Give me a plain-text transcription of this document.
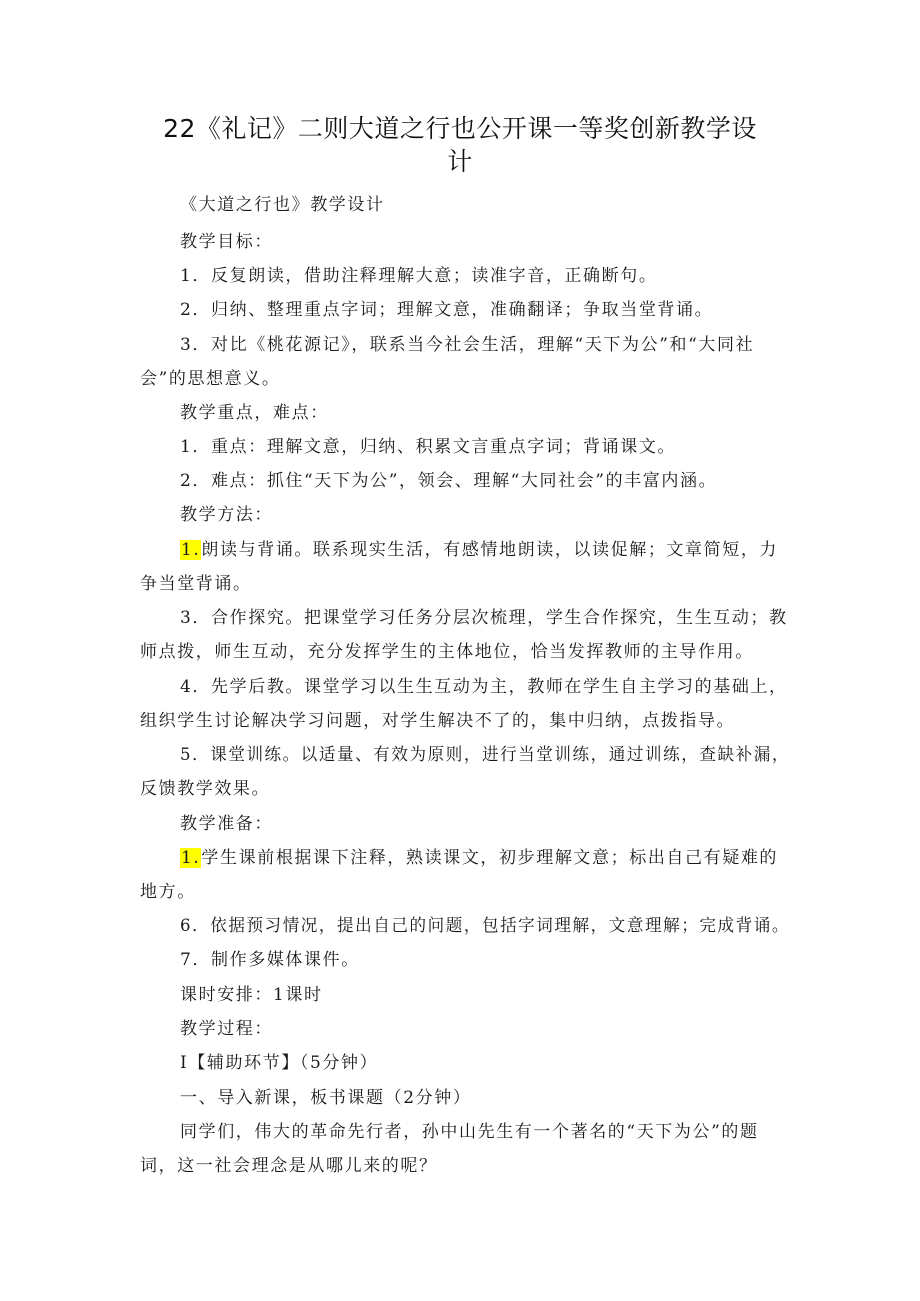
22《礼记》二则大道之行也公开课一等奖创新教学设
计
《大道之行也》教学设计
教学目标：
1．反复朗读，借助注释理解大意；读准字音，正确断句。
2．归纳、整理重点字词；理解文意，准确翻译；争取当堂背诵。
3．对比《桃花源记》，联系当今社会生活，理解“天下为公”和“大同社
会”的思想意义。
教学重点，难点：
1．重点：理解文意，归纳、积累文言重点字词；背诵课文。
2．难点：抓住“天下为公”，领会、理解“大同社会”的丰富内涵。
教学方法：
1.朗读与背诵。联系现实生活，有感情地朗读，以读促解；文章简短，力
争当堂背诵。
3．合作探究。把课堂学习任务分层次梳理，学生合作探究，生生互动；教
师点拨，师生互动，充分发挥学生的主体地位，恰当发挥教师的主导作用。
4．先学后教。课堂学习以生生互动为主，教师在学生自主学习的基础上，
组织学生讨论解决学习问题，对学生解决不了的，集中归纳，点拨指导。
5．课堂训练。以适量、有效为原则，进行当堂训练，通过训练，查缺补漏，
反馈教学效果。
教学准备：
1.学生课前根据课下注释，熟读课文，初步理解文意；标出自己有疑难的
地方。
6．依据预习情况，提出自己的问题，包括字词理解，文意理解；完成背诵。
7．制作多媒体课件。
课时安排：1课时
教学过程：
Ⅰ【辅助环节】（5分钟）
一、导入新课，板书课题（2分钟）
同学们，伟大的革命先行者，孙中山先生有一个著名的“天下为公”的题
词，这一社会理念是从哪儿来的呢？
